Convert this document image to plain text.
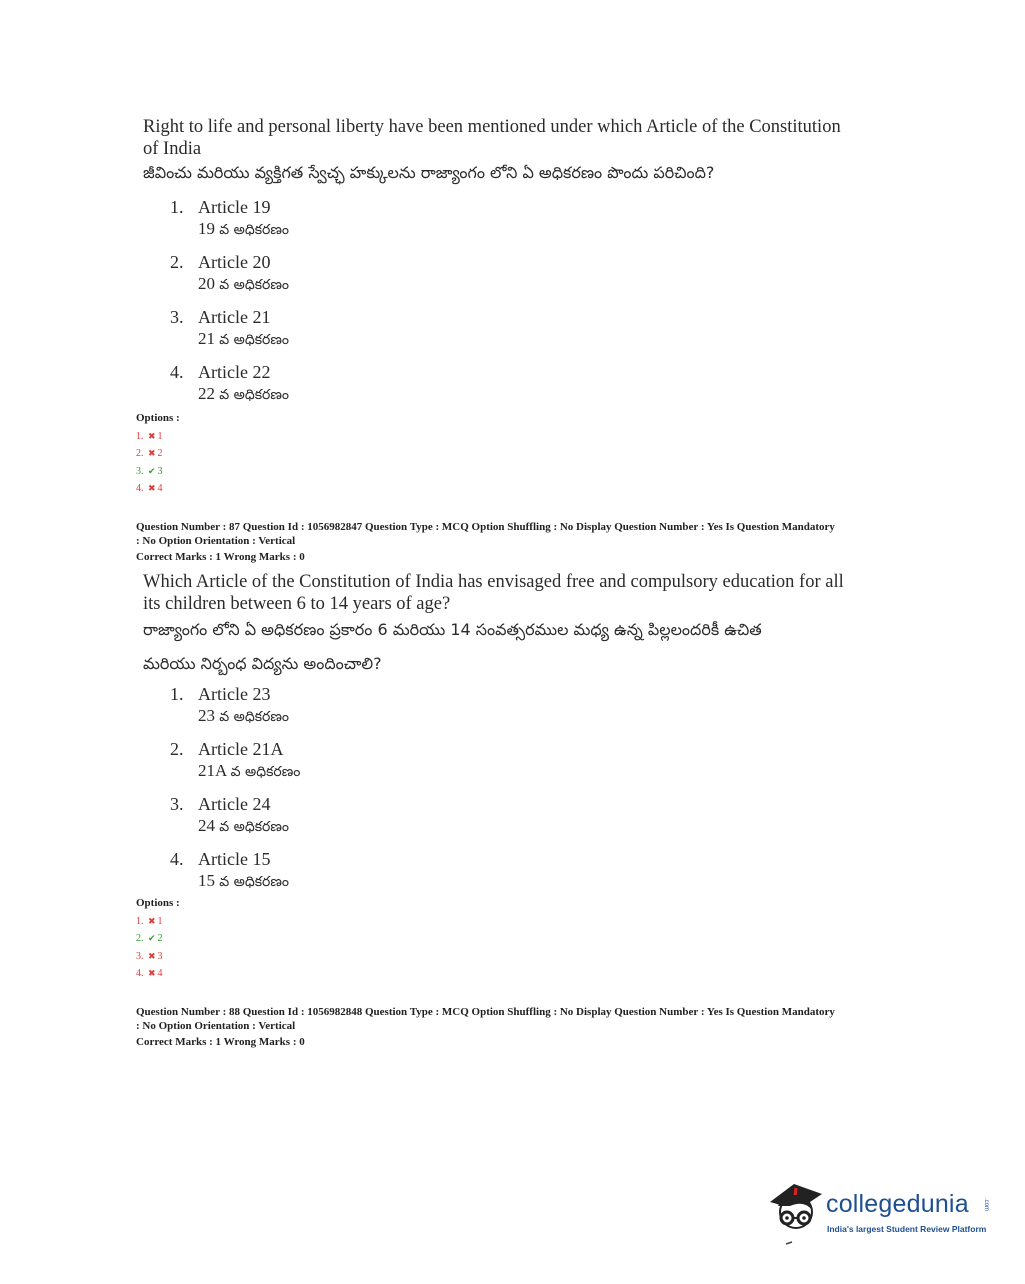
Right to life and personal liberty have been mentioned under which Article of the Constitution
of India
జీవించు మరియు వ్యక్తిగత స్వేచ్ఛ హక్కులను రాజ్యాంగం లోని ఏ అధికరణం పొందు పరిచింది?
1. Article 19
19 వ అధికరణం
2. Article 20
20 వ అధికరణం
3. Article 21
21 వ అధికరణం
4. Article 22
22 వ అధికరణం
Options :
1. ✖ 1
2. ✖ 2
3. ✔ 3
4. ✖ 4
Question Number : 87 Question Id : 1056982847 Question Type : MCQ Option Shuffling : No Display Question Number : Yes Is Question Mandatory
: No Option Orientation : Vertical
Correct Marks : 1 Wrong Marks : 0
Which Article of the Constitution of India has envisaged free and compulsory education for all
its children between 6 to 14 years of age?
రాజ్యాంగం లోని ఏ అధికరణం ప్రకారం 6 మరియు 14 సంవత్సరముల మధ్య ఉన్న పిల్లలందరికీ ఉచిత
మరియు నిర్బంధ విద్యను అందించాలి?
1. Article 23
23 వ అధికరణం
2. Article 21A
21A వ అధికరణం
3. Article 24
24 వ అధికరణం
4. Article 15
15 వ అధికరణం
Options :
1. ✖ 1
2. ✔ 2
3. ✖ 3
4. ✖ 4
Question Number : 88 Question Id : 1056982848 Question Type : MCQ Option Shuffling : No Display Question Number : Yes Is Question Mandatory
: No Option Orientation : Vertical
Correct Marks : 1 Wrong Marks : 0
collegedunia .com
India's largest Student Review Platform
